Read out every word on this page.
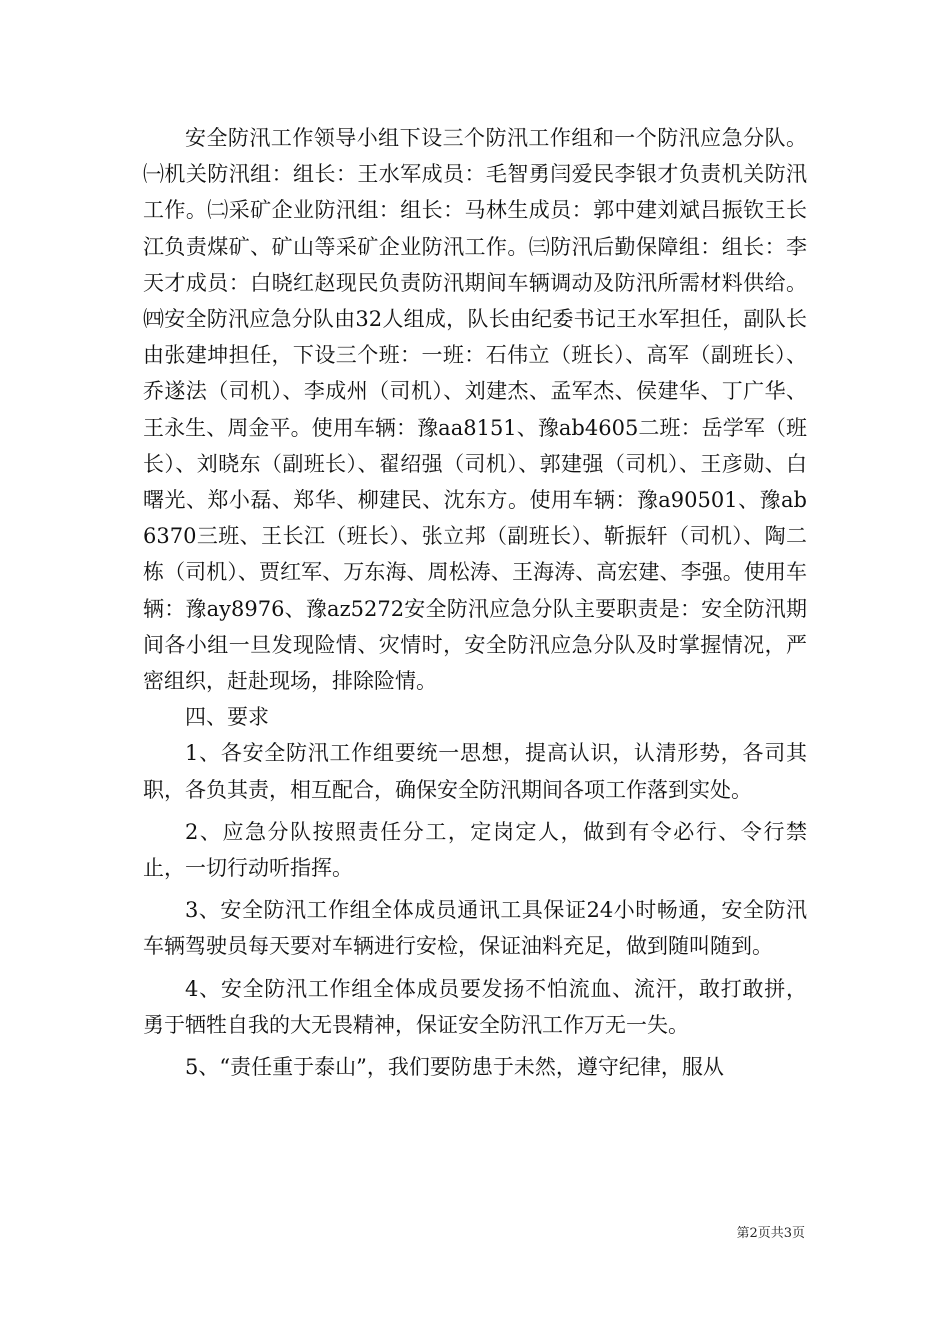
安全防汛工作领导小组下设三个防汛工作组和一个防汛应急分队。㈠机关防汛组：组长：王水军成员：毛智勇闫爱民李银才负责机关防汛工作。㈡采矿企业防汛组：组长：马林生成员：郭中建刘斌吕振钦王长江负责煤矿、矿山等采矿企业防汛工作。㈢防汛后勤保障组：组长：李天才成员：白晓红赵现民负责防汛期间车辆调动及防汛所需材料供给。㈣安全防汛应急分队由32人组成，队长由纪委书记王水军担任，副队长由张建坤担任，下设三个班：一班：石伟立（班长）、高军（副班长）、乔遂法（司机）、李成州（司机）、刘建杰、孟军杰、侯建华、丁广华、王永生、周金平。使用车辆：豫aa8151、豫ab4605二班：岳学军（班长）、刘晓东（副班长）、翟绍强（司机）、郭建强（司机）、王彦勋、白曙光、郑小磊、郑华、柳建民、沈东方。使用车辆：豫a90501、豫ab6370三班、王长江（班长）、张立邦（副班长）、靳振轩（司机）、陶二栋（司机）、贾红军、万东海、周松涛、王海涛、高宏建、李强。使用车辆：豫ay8976、豫az5272安全防汛应急分队主要职责是：安全防汛期间各小组一旦发现险情、灾情时，安全防汛应急分队及时掌握情况，严密组织，赶赴现场，排除险情。

四、要求

1、各安全防汛工作组要统一思想，提高认识，认清形势，各司其职，各负其责，相互配合，确保安全防汛期间各项工作落到实处。

2、应急分队按照责任分工，定岗定人，做到有令必行、令行禁止，一切行动听指挥。

3、安全防汛工作组全体成员通讯工具保证24小时畅通，安全防汛车辆驾驶员每天要对车辆进行安检，保证油料充足，做到随叫随到。

4、安全防汛工作组全体成员要发扬不怕流血、流汗，敢打敢拼，勇于牺牲自我的大无畏精神，保证安全防汛工作万无一失。

5、“责任重于泰山”，我们要防患于未然，遵守纪律，服从

第2页共3页
